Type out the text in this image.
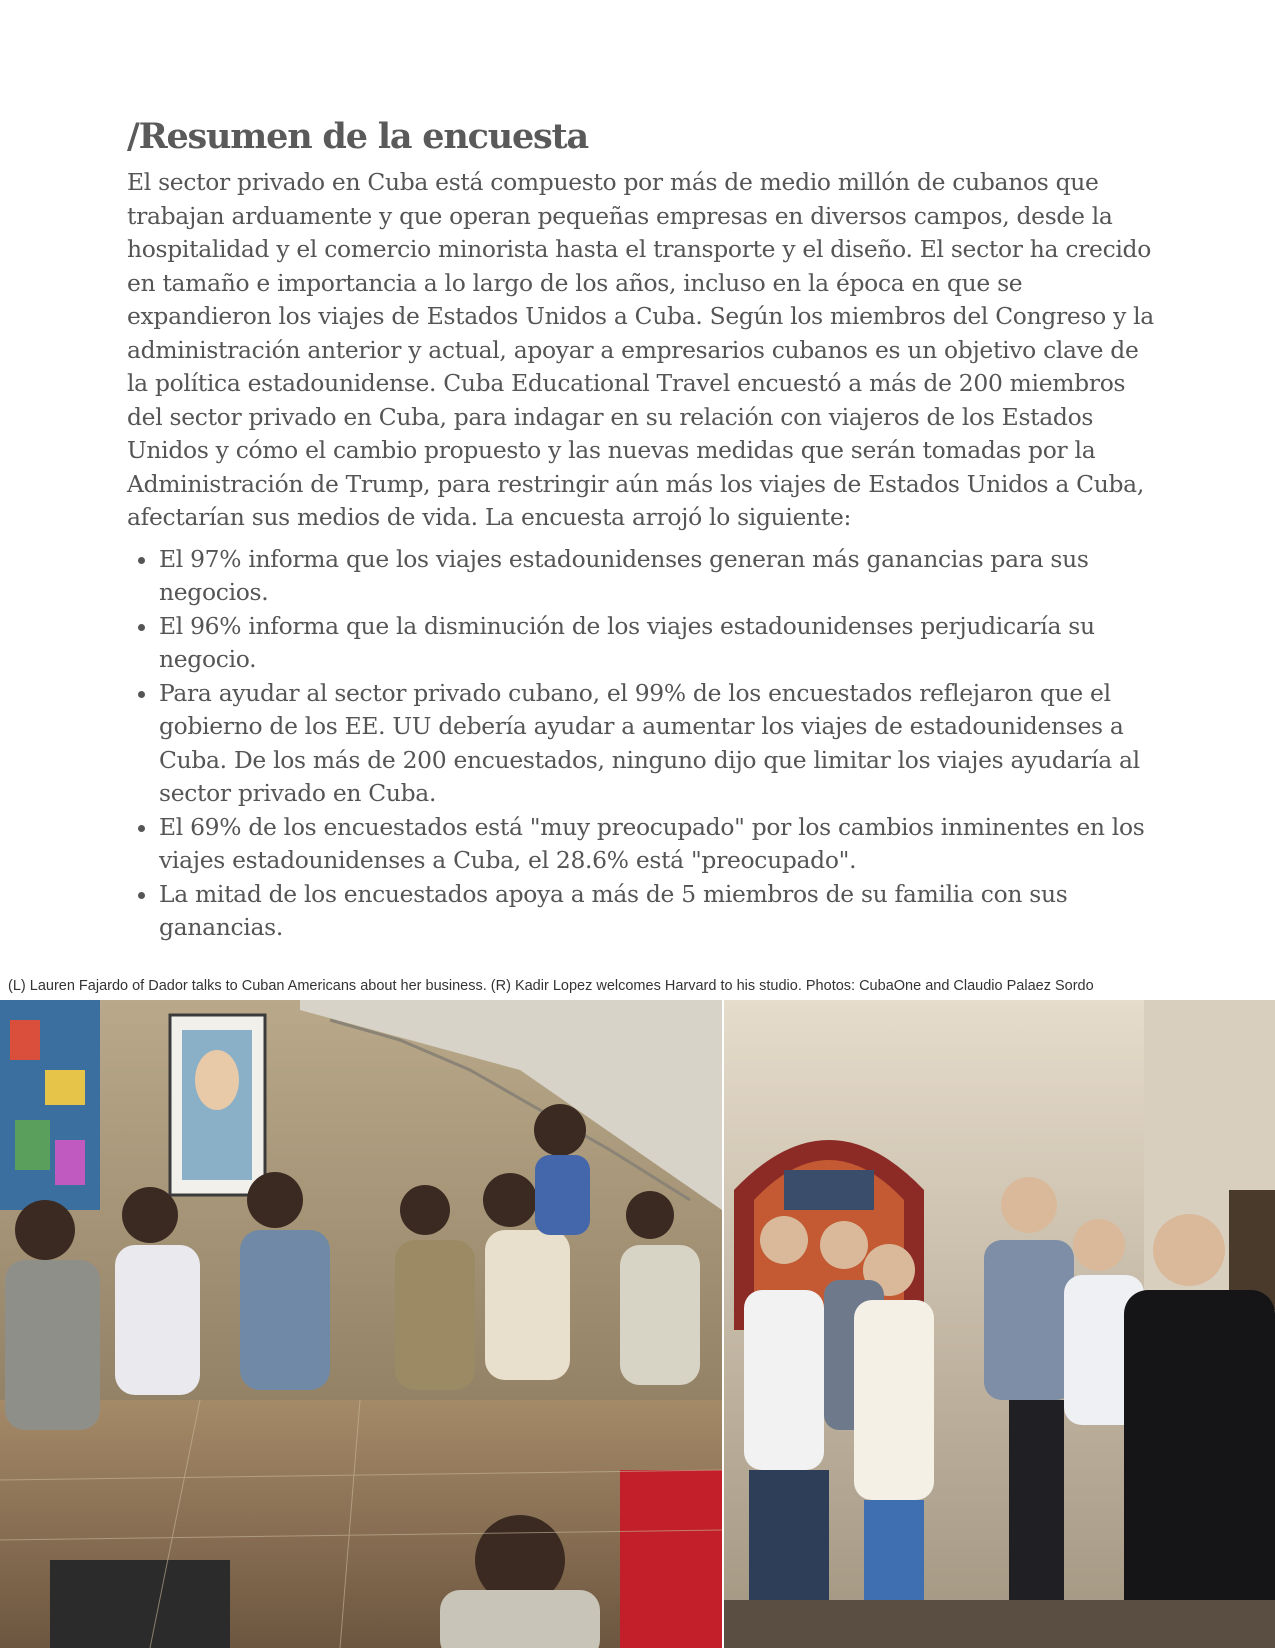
/Resumen de la encuesta

El sector privado en Cuba está compuesto por más de medio millón de cubanos que trabajan arduamente y que operan pequeñas empresas en diversos campos, desde la hospitalidad y el comercio minorista hasta el transporte y el diseño. El sector ha crecido en tamaño e importancia a lo largo de los años, incluso en la época en que se expandieron los viajes de Estados Unidos a Cuba. Según los miembros del Congreso y la administración anterior y actual, apoyar a empresarios cubanos es un objetivo clave de la política estadounidense. Cuba Educational Travel encuestó a más de 200 miembros del sector privado en Cuba, para indagar en su relación con viajeros de los Estados Unidos y cómo el cambio propuesto y las nuevas medidas que serán tomadas por la Administración de Trump, para restringir aún más los viajes de Estados Unidos a Cuba, afectarían sus medios de vida. La encuesta arrojó lo siguiente:

• El 97% informa que los viajes estadounidenses generan más ganancias para sus negocios.
• El 96% informa que la disminución de los viajes estadounidenses perjudicaría su negocio.
• Para ayudar al sector privado cubano, el 99% de los encuestados reflejaron que el gobierno de los EE. UU debería ayudar a aumentar los viajes de estadounidenses a Cuba. De los más de 200 encuestados, ninguno dijo que limitar los viajes ayudaría al sector privado en Cuba.
• El 69% de los encuestados está "muy preocupado" por los cambios inminentes en los viajes estadounidenses a Cuba, el 28.6% está "preocupado".
• La mitad de los encuestados apoya a más de 5 miembros de su familia con sus ganancias.
(L) Lauren Fajardo of Dador talks to Cuban Americans about her business. (R) Kadir Lopez welcomes Harvard to his studio. Photos: CubaOne and Claudio Palaez Sordo
